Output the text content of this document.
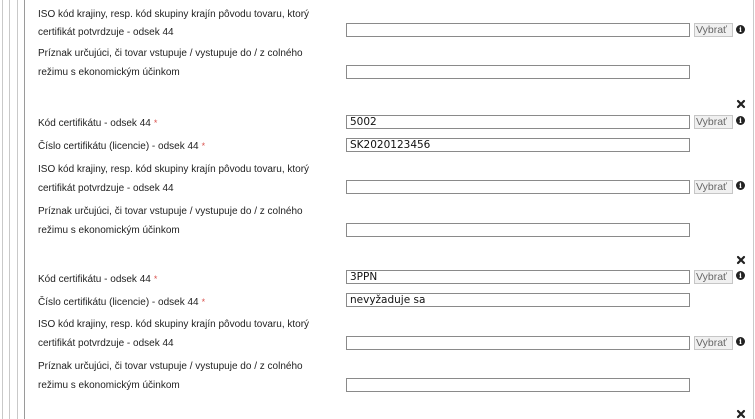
ISO kód krajiny, resp. kód skupiny krajín pôvodu tovaru, ktorý
certifikát potvrdzuje - odsek 44	Vybrať	i
Príznak určujúci, či tovar vstupuje / vystupuje do / z colného
režimu s ekonomickým účinkom
Kód certifikátu - odsek 44 *	5002	Vybrať	i
Číslo certifikátu (licencie) - odsek 44 *	SK2020123456
ISO kód krajiny, resp. kód skupiny krajín pôvodu tovaru, ktorý
certifikát potvrdzuje - odsek 44	Vybrať	i
Príznak určujúci, či tovar vstupuje / vystupuje do / z colného
režimu s ekonomickým účinkom
Kód certifikátu - odsek 44 *	3PPN	Vybrať	i
Číslo certifikátu (licencie) - odsek 44 *	nevyžaduje sa
ISO kód krajiny, resp. kód skupiny krajín pôvodu tovaru, ktorý
certifikát potvrdzuje - odsek 44	Vybrať	i
Príznak určujúci, či tovar vstupuje / vystupuje do / z colného
režimu s ekonomickým účinkom
